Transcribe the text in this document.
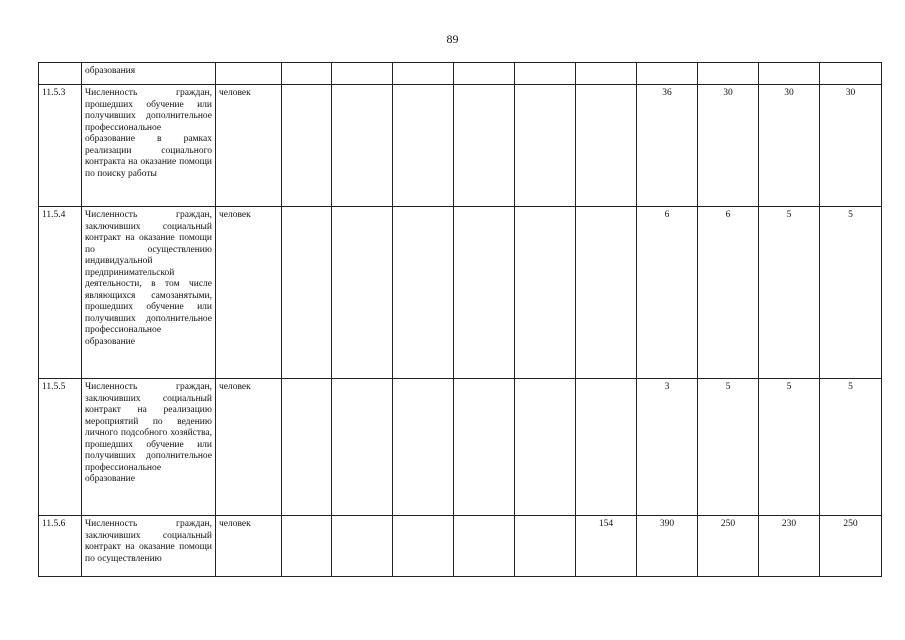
89
	образования											
11.5.3	Численность граждан, прошедших обучение или получивших дополнительное профессиональное образование в рамках реализации социального контракта на оказание помощи по поиску работы	человек							36	30	30	30
11.5.4	Численность граждан, заключивших социальный контракт на оказание помощи по осуществлению индивидуальной предпринимательской деятельности, в том числе являющихся самозанятыми, прошедших обучение или получивших дополнительное профессиональное образование	человек							6	6	5	5
11.5.5	Численность граждан, заключивших социальный контракт на реализацию мероприятий по ведению личного подсобного хозяйства, прошедших обучение или получивших дополнительное профессиональное образование	человек							3	5	5	5
11.5.6	Численность граждан, заключивших социальный контракт на оказание помощи по осуществлению	человек						154	390	250	230	250
